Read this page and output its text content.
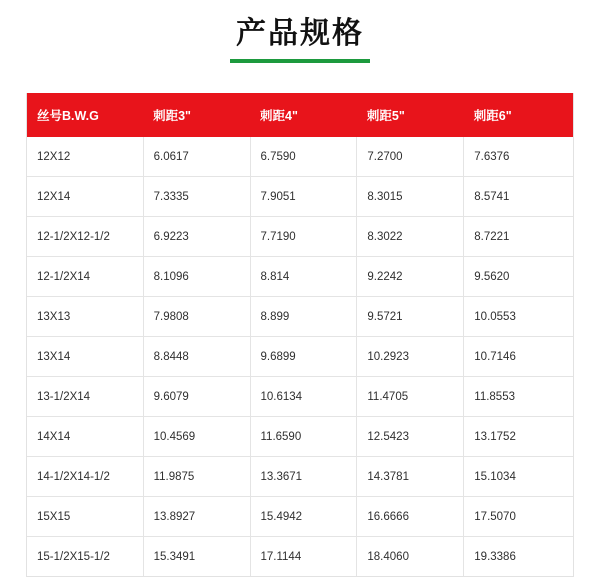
产品规格
丝号B.W.G	刺距3"	刺距4"	刺距5"	刺距6"
12X12	6.0617	6.7590	7.2700	7.6376
12X14	7.3335	7.9051	8.3015	8.5741
12-1/2X12-1/2	6.9223	7.7190	8.3022	8.7221
12-1/2X14	8.1096	8.814	9.2242	9.5620
13X13	7.9808	8.899	9.5721	10.0553
13X14	8.8448	9.6899	10.2923	10.7146
13-1/2X14	9.6079	10.6134	11.4705	11.8553
14X14	10.4569	11.6590	12.5423	13.1752
14-1/2X14-1/2	11.9875	13.3671	14.3781	15.1034
15X15	13.8927	15.4942	16.6666	17.5070
15-1/2X15-1/2	15.3491	17.1144	18.4060	19.3386
